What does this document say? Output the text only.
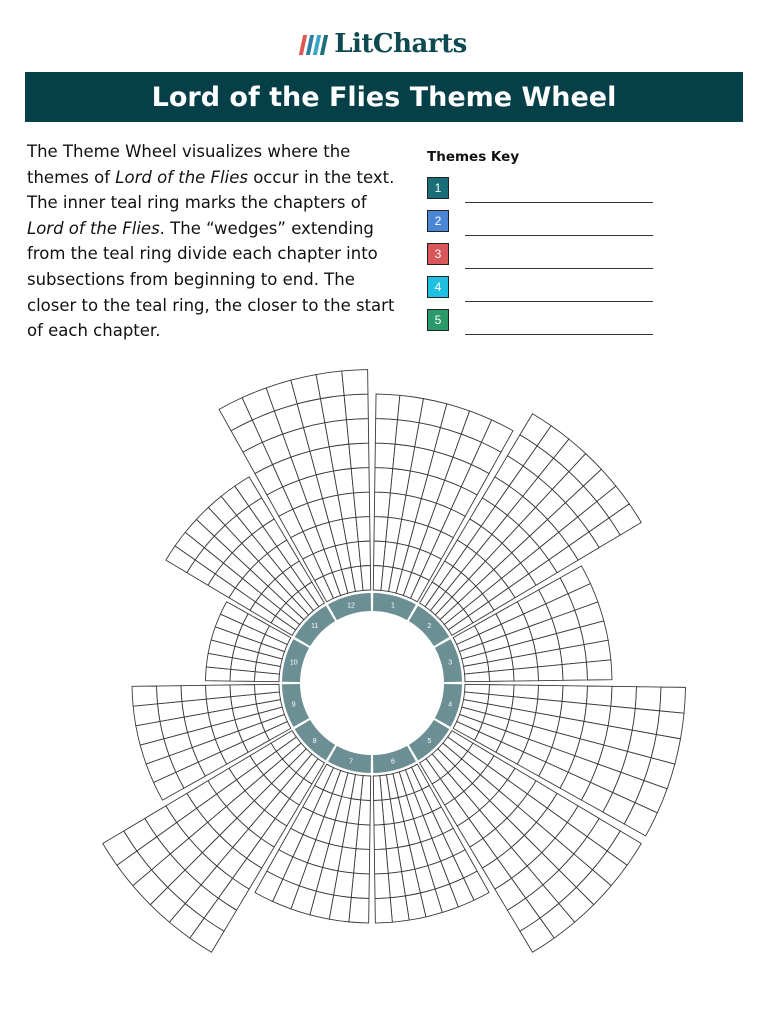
LitCharts
Lord of the Flies Theme Wheel

The Theme Wheel visualizes where the themes of Lord of the Flies occur in the text. The inner teal ring marks the chapters of Lord of the Flies. The “wedges” extending from the teal ring divide each chapter into subsections from beginning to end. The closer to the teal ring, the closer to the start of each chapter.

Themes Key
1
2
3
4
5
1
2
3
4
5
6
7
8
9
10
11
12
